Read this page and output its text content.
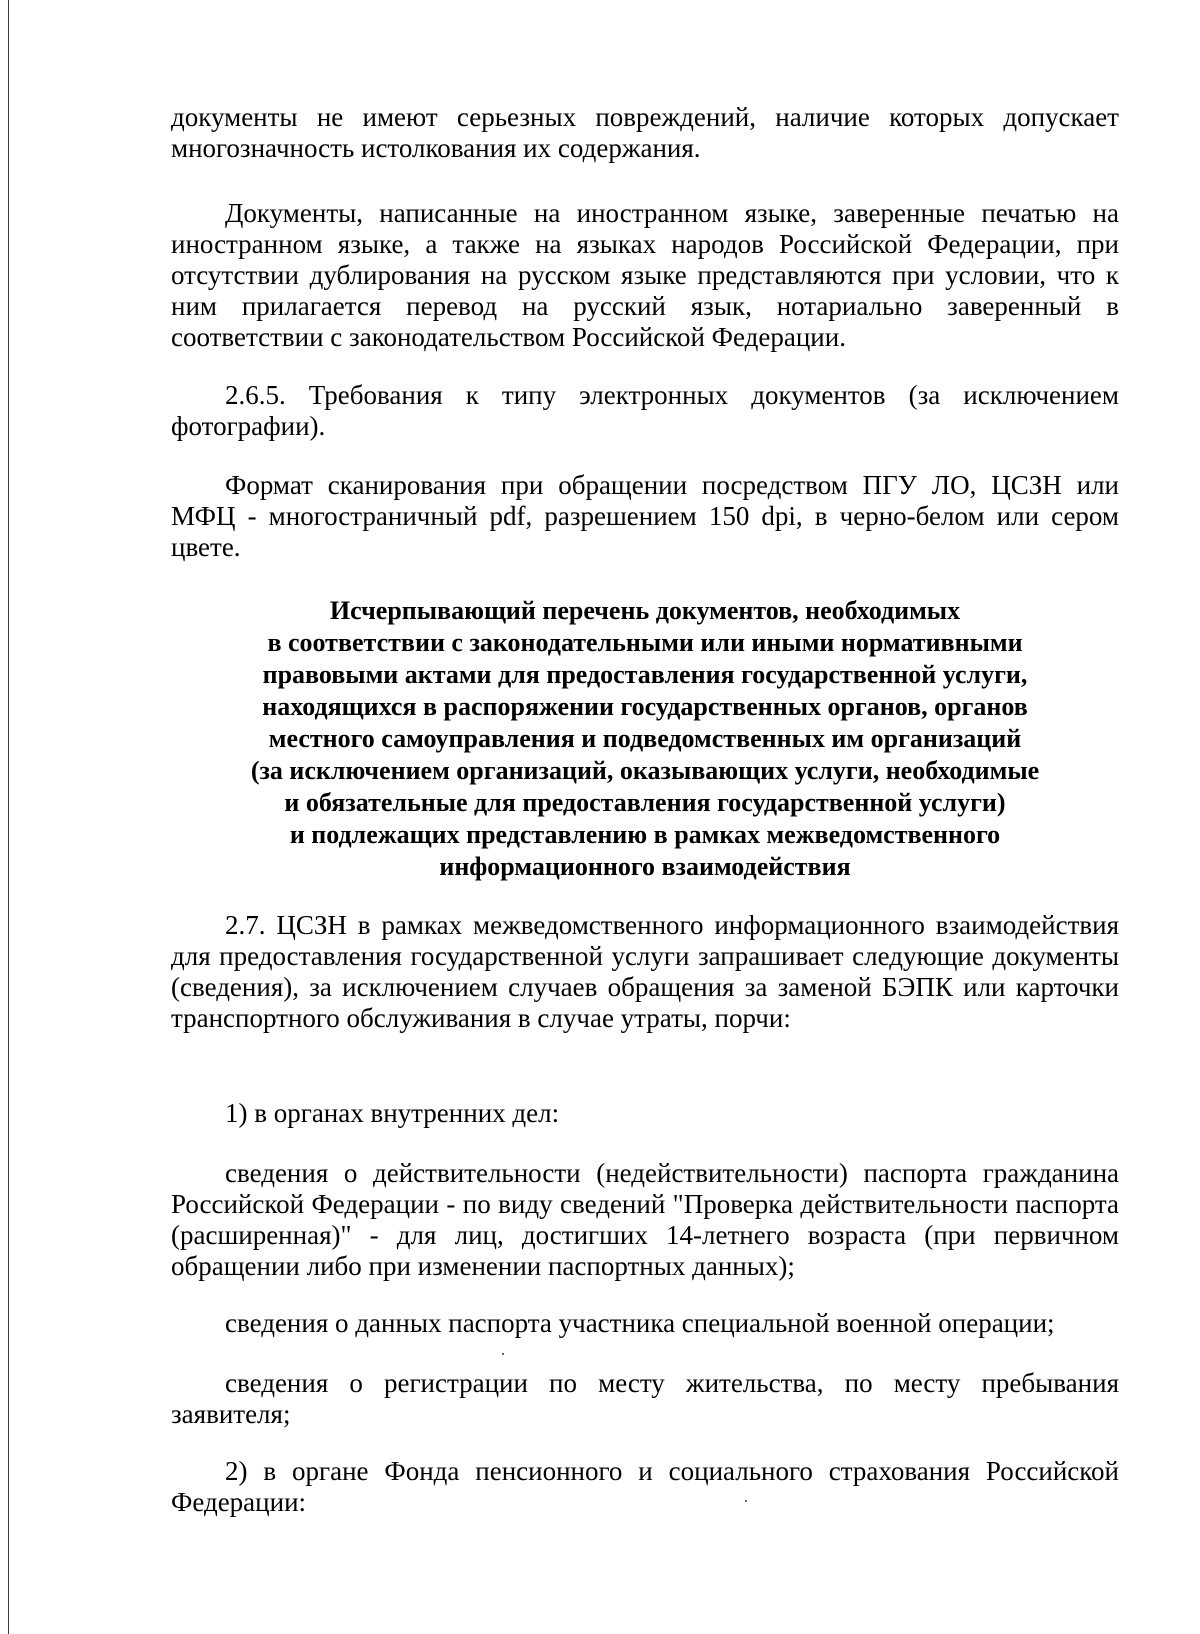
документы не имеют серьезных повреждений, наличие которых допускает многозначность истолкования их содержания.

Документы, написанные на иностранном языке, заверенные печатью на иностранном языке, а также на языках народов Российской Федерации, при отсутствии дублирования на русском языке представляются при условии, что к ним прилагается перевод на русский язык, нотариально заверенный в соответствии с законодательством Российской Федерации.

2.6.5. Требования к типу электронных документов (за исключением фотографии).

Формат сканирования при обращении посредством ПГУ ЛО, ЦСЗН или МФЦ - многостраничный pdf, разрешением 150 dpi, в черно-белом или сером цвете.

Исчерпывающий перечень документов, необходимых
в соответствии с законодательными или иными нормативными
правовыми актами для предоставления государственной услуги,
находящихся в распоряжении государственных органов, органов
местного самоуправления и подведомственных им организаций
(за исключением организаций, оказывающих услуги, необходимые
и обязательные для предоставления государственной услуги)
и подлежащих представлению в рамках межведомственного
информационного взаимодействия

2.7. ЦСЗН в рамках межведомственного информационного взаимодействия для предоставления государственной услуги запрашивает следующие документы (сведения), за исключением случаев обращения за заменой БЭПК или карточки транспортного обслуживания в случае утраты, порчи:

1) в органах внутренних дел:

сведения о действительности (недействительности) паспорта гражданина Российской Федерации - по виду сведений "Проверка действительности паспорта (расширенная)" - для лиц, достигших 14-летнего возраста (при первичном обращении либо при изменении паспортных данных);

сведения о данных паспорта участника специальной военной операции;

сведения о регистрации по месту жительства, по месту пребывания заявителя;

2) в органе Фонда пенсионного и социального страхования Российской Федерации:
